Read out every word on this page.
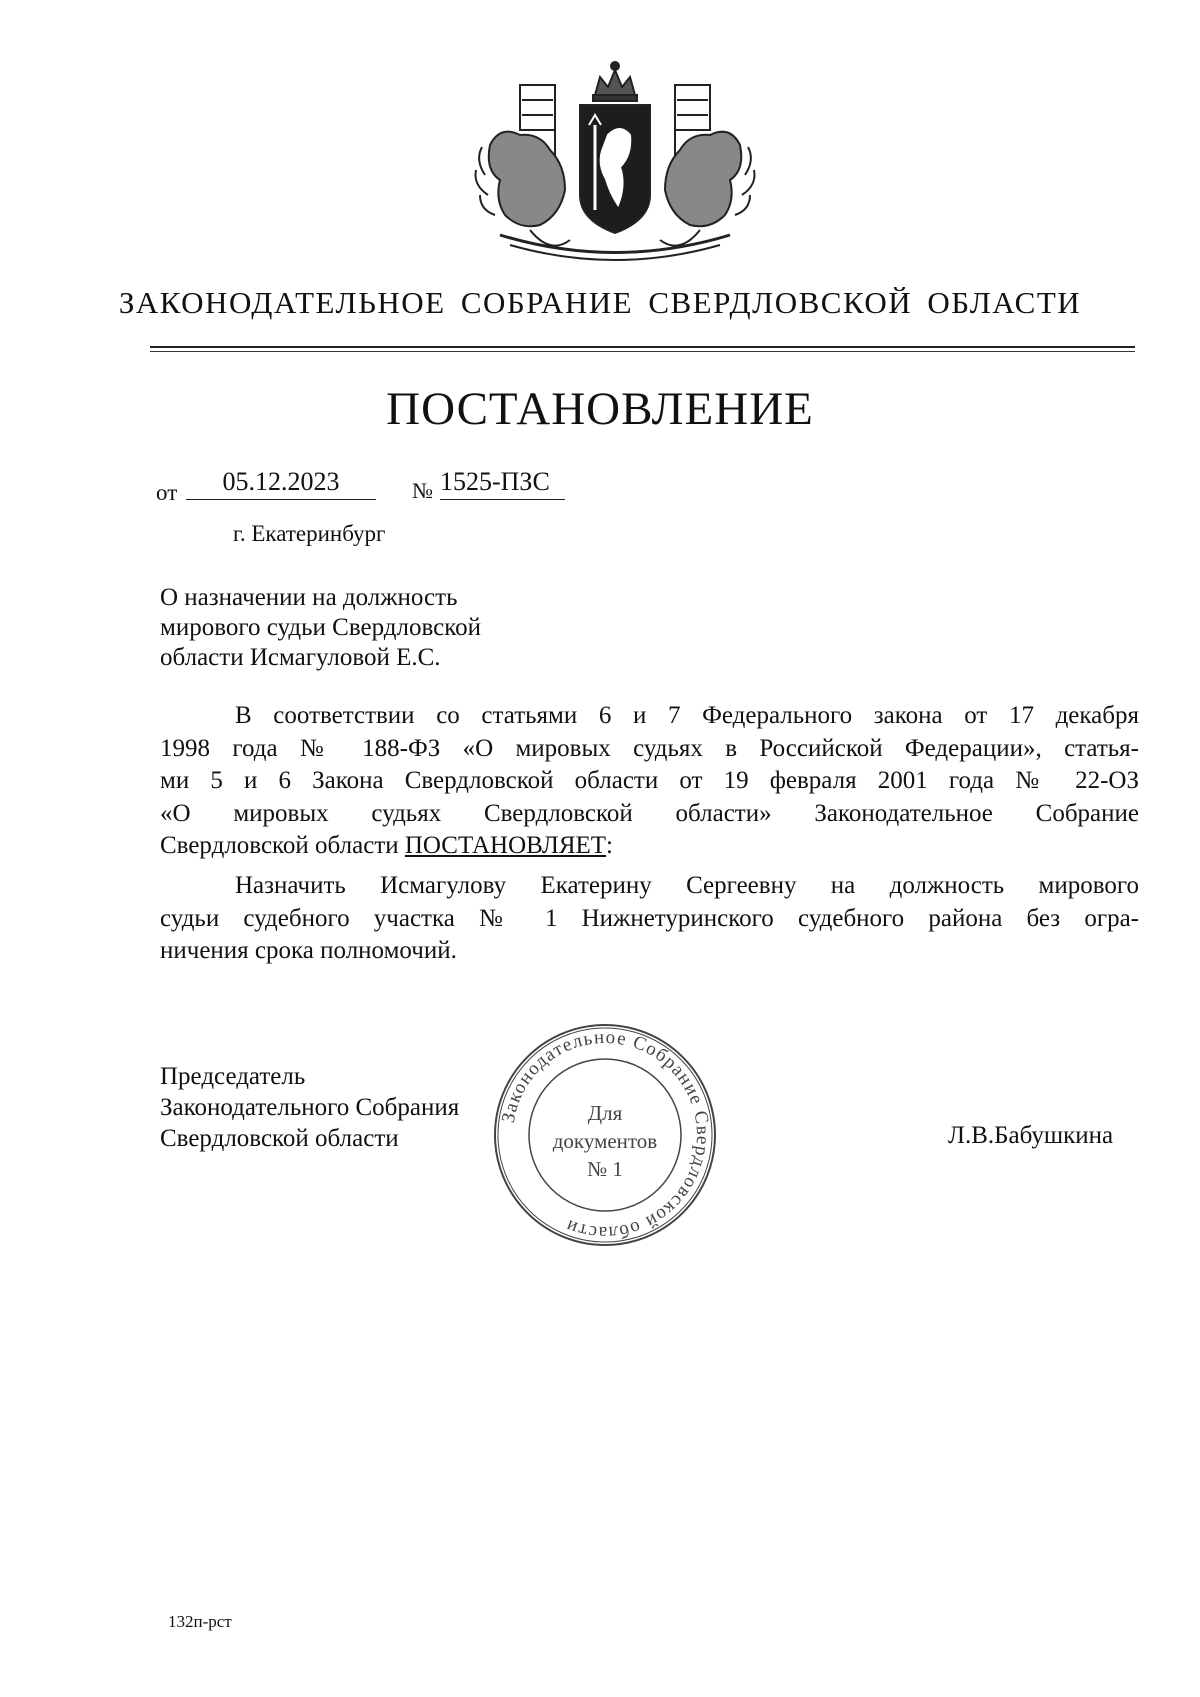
ЗАКОНОДАТЕЛЬНОЕ СОБРАНИЕ СВЕРДЛОВСКОЙ ОБЛАСТИ
ПОСТАНОВЛЕНИЕ
от	05.12.2023	№ 1525-ПЗС
г. Екатеринбург
О назначении на должность
мирового судьи Свердловской
области Исмагуловой Е.С.
В соответствии со статьями 6 и 7 Федерального закона от 17 декабря
1998 года № 188-ФЗ «О мировых судьях в Российской Федерации», статья-
ми 5 и 6 Закона Свердловской области от 19 февраля 2001 года № 22-ОЗ
«О мировых судьях Свердловской области» Законодательное Собрание
Свердловской области ПОСТАНОВЛЯЕТ:
Назначить Исмагулову Екатерину Сергеевну на должность мирового
судьи судебного участка № 1 Нижнетуринского судебного района без огра-
ничения срока полномочий.
Председатель
Законодательного Собрания
Свердловской области
Законодательное Собрание Свердловской области
Для
документов
№ 1
Л.В.Бабушкина
132п-рст
